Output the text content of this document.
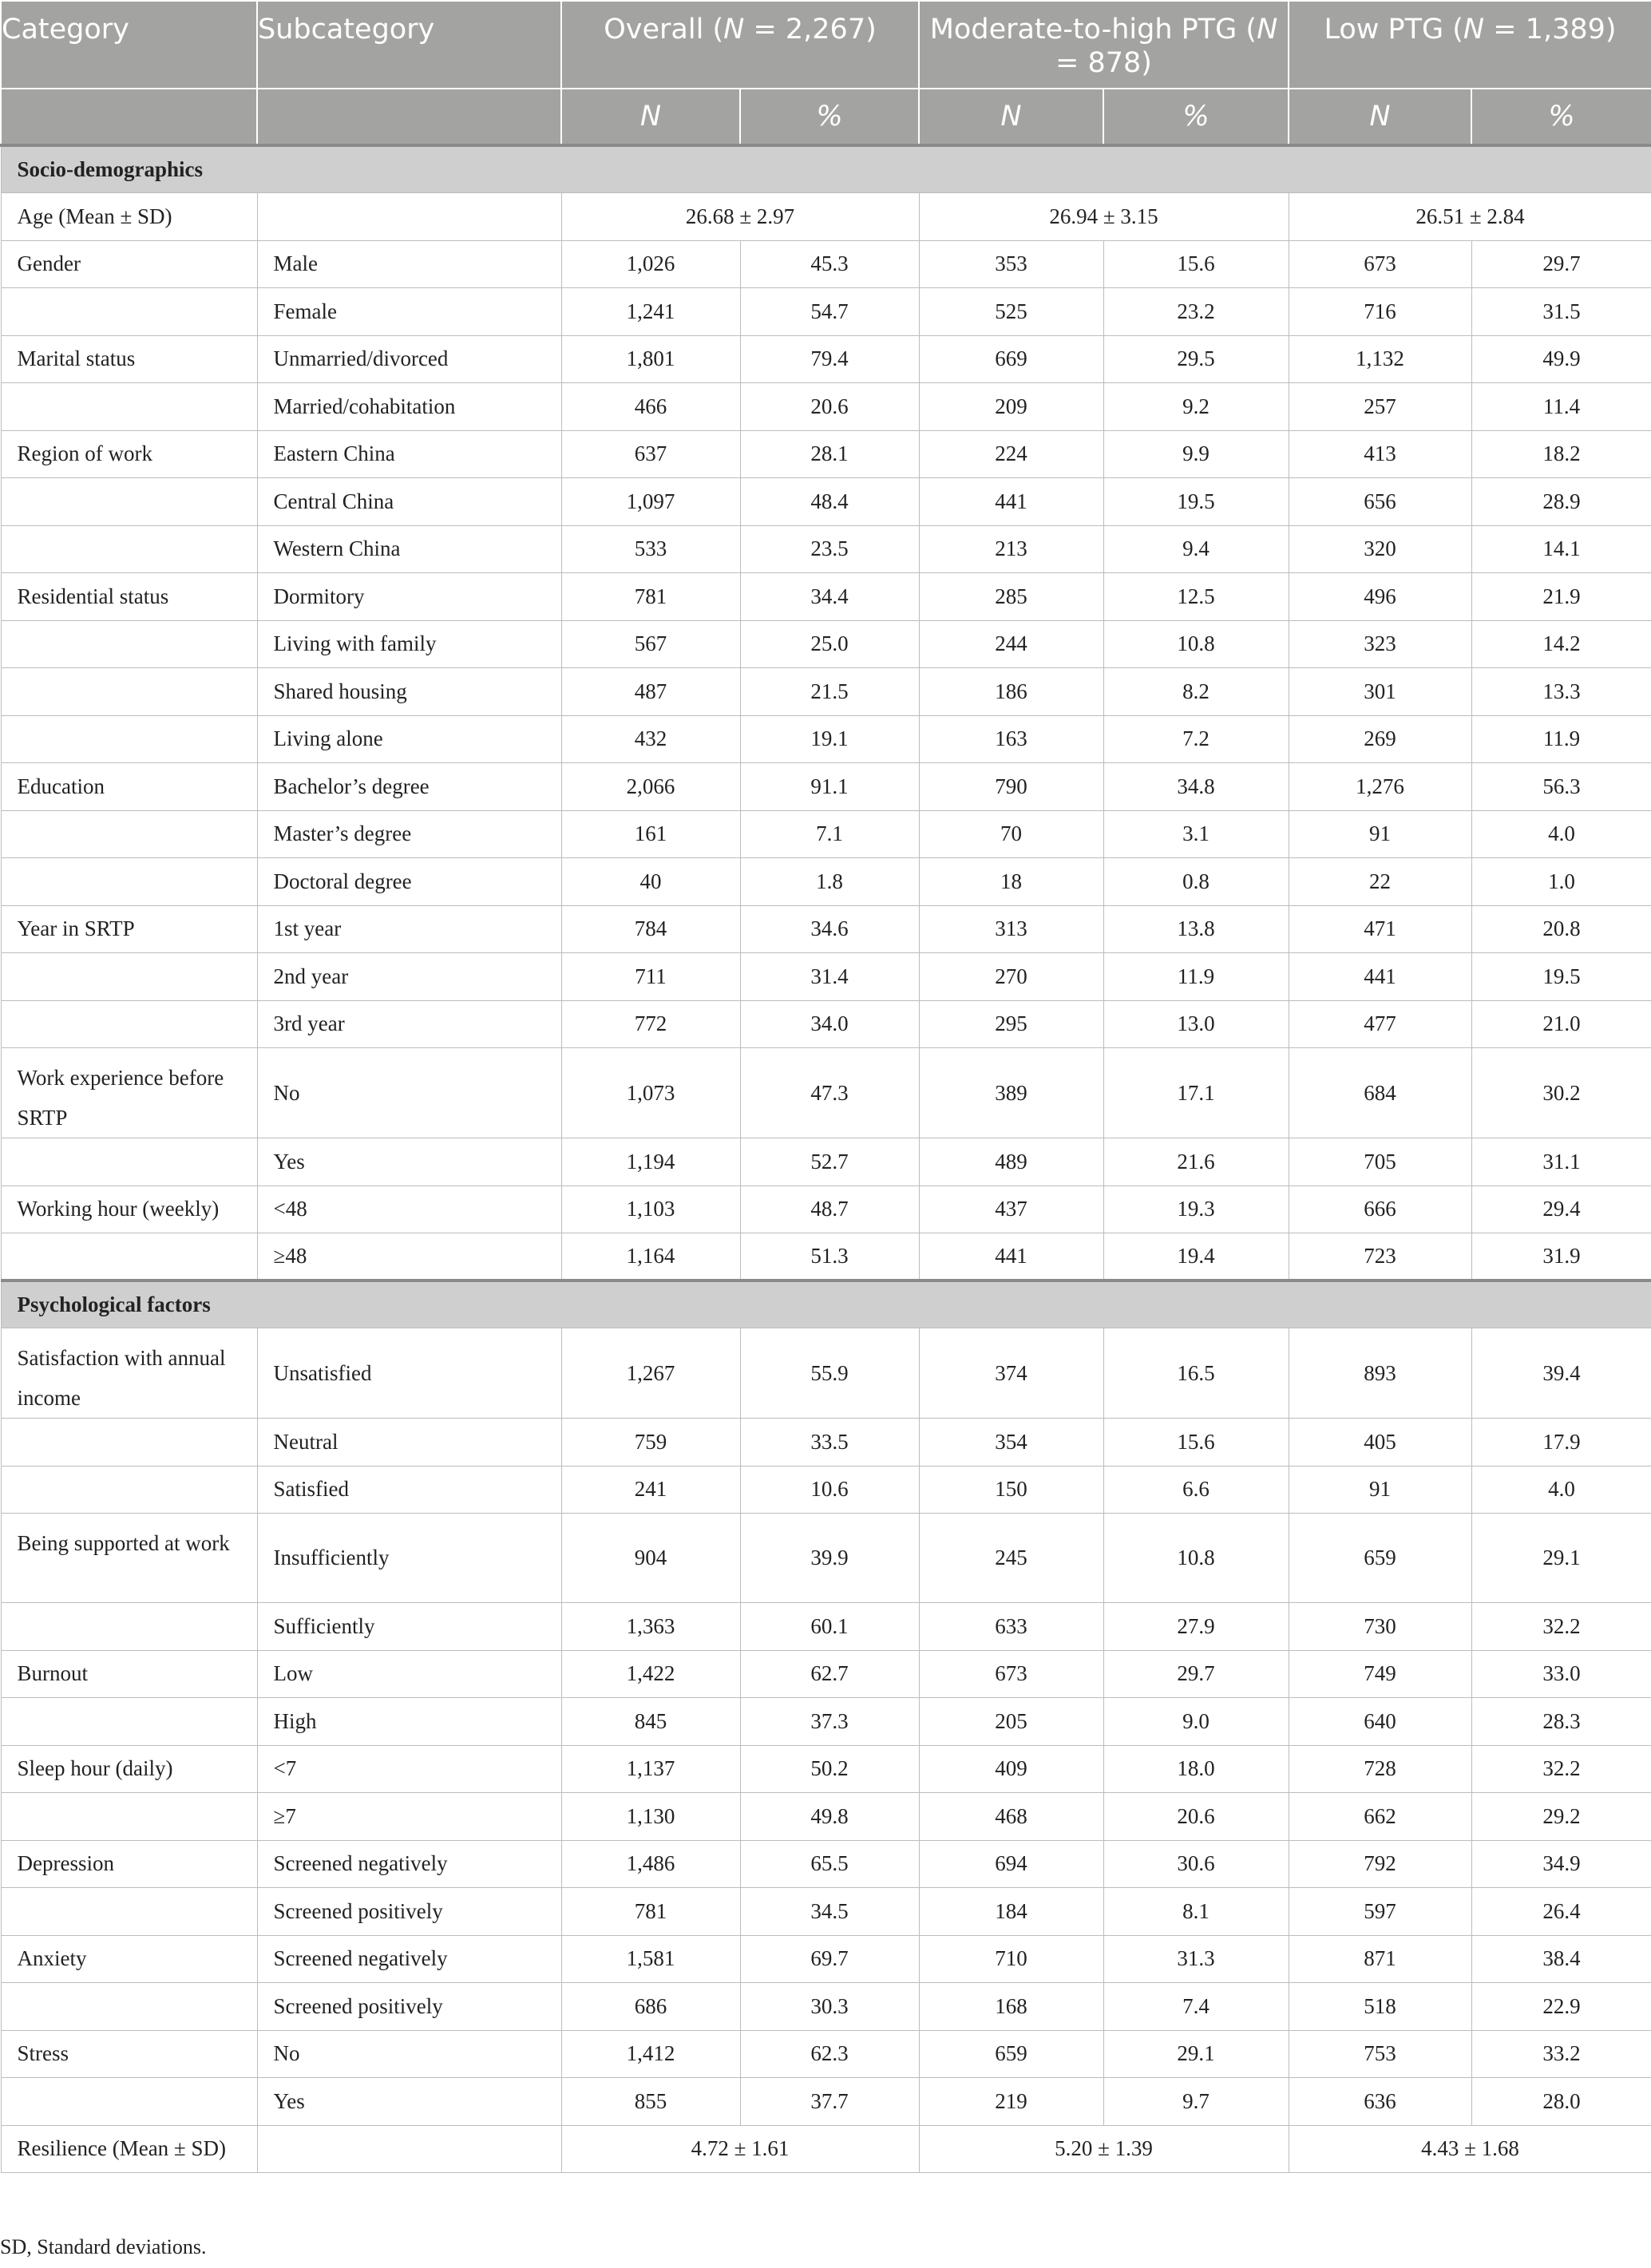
Category	Subcategory	Overall (N = 2,267)		Moderate-to-high PTG (N = 878)		Low PTG (N = 1,389)	
		N	%	N	%	N	%
Socio-demographics							
Age (Mean ± SD)		26.68 ± 2.97		26.94 ± 3.15		26.51 ± 2.84	
Gender	Male	1,026	45.3	353	15.6	673	29.7
	Female	1,241	54.7	525	23.2	716	31.5
Marital status	Unmarried/divorced	1,801	79.4	669	29.5	1,132	49.9
	Married/cohabitation	466	20.6	209	9.2	257	11.4
Region of work	Eastern China	637	28.1	224	9.9	413	18.2
	Central China	1,097	48.4	441	19.5	656	28.9
	Western China	533	23.5	213	9.4	320	14.1
Residential status	Dormitory	781	34.4	285	12.5	496	21.9
	Living with family	567	25.0	244	10.8	323	14.2
	Shared housing	487	21.5	186	8.2	301	13.3
	Living alone	432	19.1	163	7.2	269	11.9
Education	Bachelor’s degree	2,066	91.1	790	34.8	1,276	56.3
	Master’s degree	161	7.1	70	3.1	91	4.0
	Doctoral degree	40	1.8	18	0.8	22	1.0
Year in SRTP	1st year	784	34.6	313	13.8	471	20.8
	2nd year	711	31.4	270	11.9	441	19.5
	3rd year	772	34.0	295	13.0	477	21.0
Work experience before SRTP	No	1,073	47.3	389	17.1	684	30.2
	Yes	1,194	52.7	489	21.6	705	31.1
Working hour (weekly)	<48	1,103	48.7	437	19.3	666	29.4
	≥48	1,164	51.3	441	19.4	723	31.9
Psychological factors							
Satisfaction with annual income	Unsatisfied	1,267	55.9	374	16.5	893	39.4
	Neutral	759	33.5	354	15.6	405	17.9
	Satisfied	241	10.6	150	6.6	91	4.0
Being supported at work	Insufficiently	904	39.9	245	10.8	659	29.1
	Sufficiently	1,363	60.1	633	27.9	730	32.2
Burnout	Low	1,422	62.7	673	29.7	749	33.0
	High	845	37.3	205	9.0	640	28.3
Sleep hour (daily)	<7	1,137	50.2	409	18.0	728	32.2
	≥7	1,130	49.8	468	20.6	662	29.2
Depression	Screened negatively	1,486	65.5	694	30.6	792	34.9
	Screened positively	781	34.5	184	8.1	597	26.4
Anxiety	Screened negatively	1,581	69.7	710	31.3	871	38.4
	Screened positively	686	30.3	168	7.4	518	22.9
Stress	No	1,412	62.3	659	29.1	753	33.2
	Yes	855	37.7	219	9.7	636	28.0
Resilience (Mean ± SD)		4.72 ± 1.61		5.20 ± 1.39		4.43 ± 1.68	
SD, Standard deviations.
